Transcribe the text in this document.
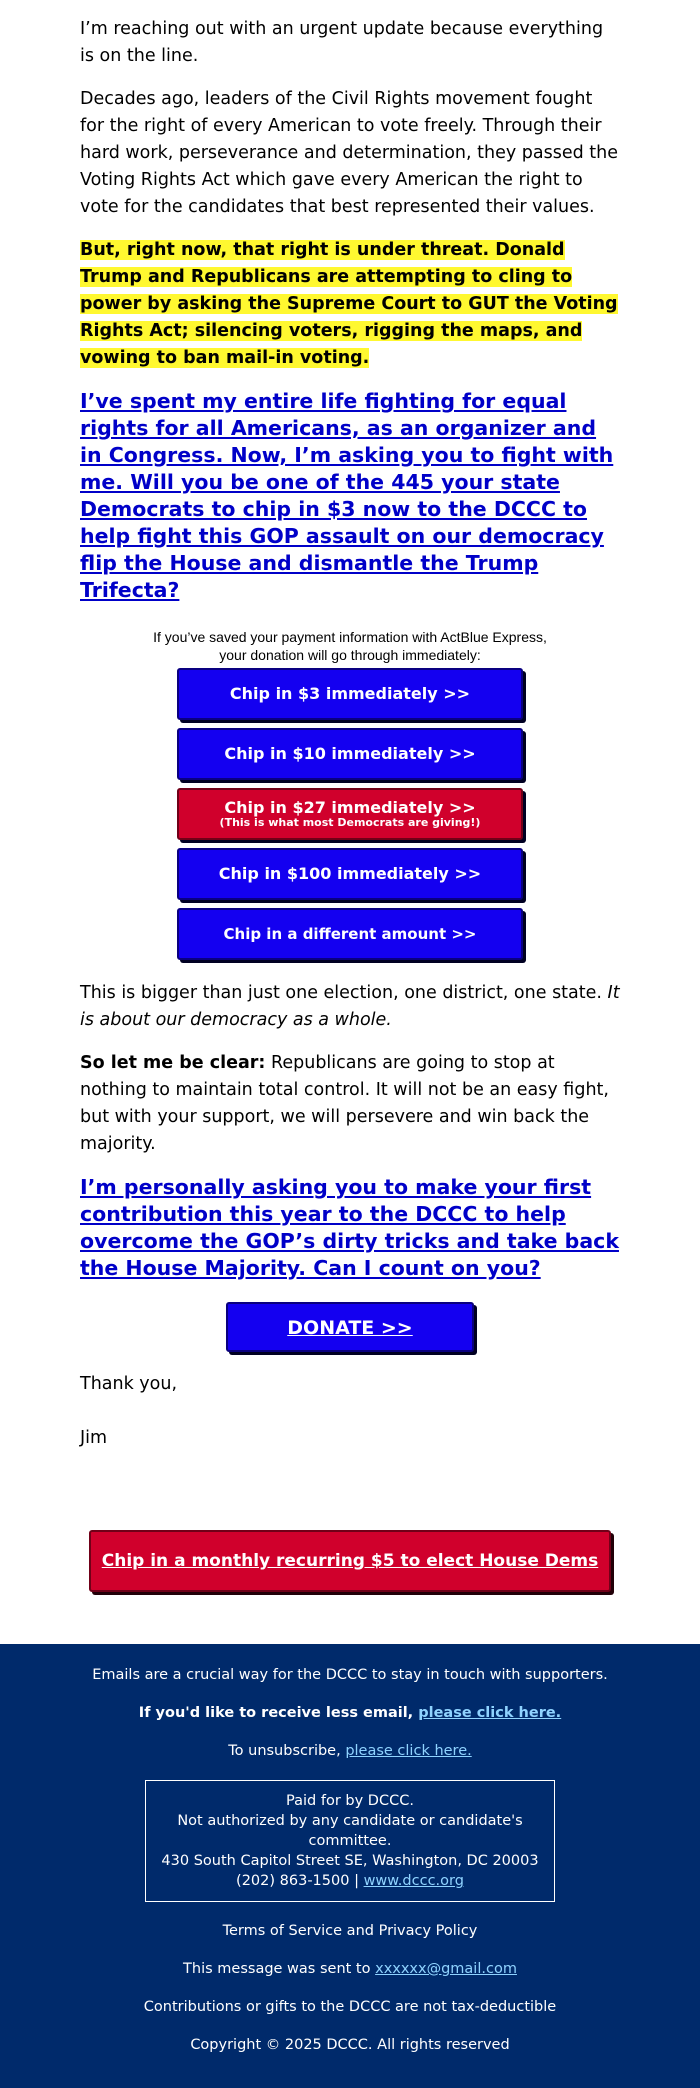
I’m reaching out with an urgent update because everything is on the line.

Decades ago, leaders of the Civil Rights movement fought for the right of every American to vote freely. Through their hard work, perseverance and determination, they passed the Voting Rights Act which gave every American the right to vote for the candidates that best represented their values.

But, right now, that right is under threat. Donald Trump and Republicans are attempting to cling to power by asking the Supreme Court to GUT the Voting Rights Act; silencing voters, rigging the maps, and vowing to ban mail-in voting.

I’ve spent my entire life fighting for equal rights for all Americans, as an organizer and in Congress. Now, I’m asking you to fight with me. Will you be one of the 445 your state Democrats to chip in $3 now to the DCCC to help fight this GOP assault on our democracy flip the House and dismantle the Trump Trifecta?

If you’ve saved your payment information with ActBlue Express,
your donation will go through immediately:

Chip in $3 immediately >>
Chip in $10 immediately >>
Chip in $27 immediately >>
(This is what most Democrats are giving!)
Chip in $100 immediately >>
Chip in a different amount >>

This is bigger than just one election, one district, one state. It is about our democracy as a whole.

So let me be clear: Republicans are going to stop at nothing to maintain total control. It will not be an easy fight, but with your support, we will persevere and win back the majority.

I’m personally asking you to make your first contribution this year to the DCCC to help overcome the GOP’s dirty tricks and take back the House Majority. Can I count on you?
DONATE >>

Thank you,

Jim

Chip in a monthly recurring $5 to elect House Dems >>

Emails are a crucial way for the DCCC to stay in touch with supporters.

If you'd like to receive less email, please click here.

To unsubscribe, please click here.

Paid for by DCCC.
Not authorized by any candidate or candidate's committee.
430 South Capitol Street SE, Washington, DC 20003
(202) 863-1500 | www.dccc.org

Terms of Service and Privacy Policy

This message was sent to xxxxxx@gmail.com

Contributions or gifts to the DCCC are not tax-deductible

Copyright © 2025 DCCC. All rights reserved
